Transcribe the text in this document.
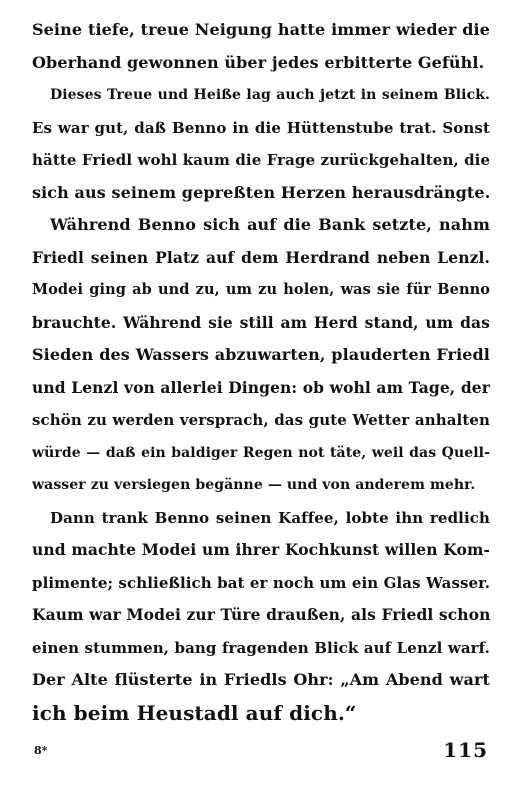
Seine tiefe, treue Neigung hatte immer wieder die
Oberhand gewonnen über jedes erbitterte Gefühl.
Dieses Treue und Heiße lag auch jetzt in seinem Blick.
Es war gut, daß Benno in die Hüttenstube trat. Sonst
hätte Friedl wohl kaum die Frage zurückgehalten, die
sich aus seinem gepreßten Herzen herausdrängte.
Während Benno sich auf die Bank setzte, nahm
Friedl seinen Platz auf dem Herdrand neben Lenzl.
Modei ging ab und zu, um zu holen, was sie für Benno
brauchte. Während sie still am Herd stand, um das
Sieden des Wassers abzuwarten, plauderten Friedl
und Lenzl von allerlei Dingen: ob wohl am Tage, der
schön zu werden versprach, das gute Wetter anhalten
würde — daß ein baldiger Regen not täte, weil das Quell-
wasser zu versiegen begänne — und von anderem mehr.
Dann trank Benno seinen Kaffee, lobte ihn redlich
und machte Modei um ihrer Kochkunst willen Kom-
plimente; schließlich bat er noch um ein Glas Wasser.
Kaum war Modei zur Türe draußen, als Friedl schon
einen stummen, bang fragenden Blick auf Lenzl warf.
Der Alte flüsterte in Friedls Ohr: „Am Abend wart
ich beim Heustadl auf dich.“
8*	115
